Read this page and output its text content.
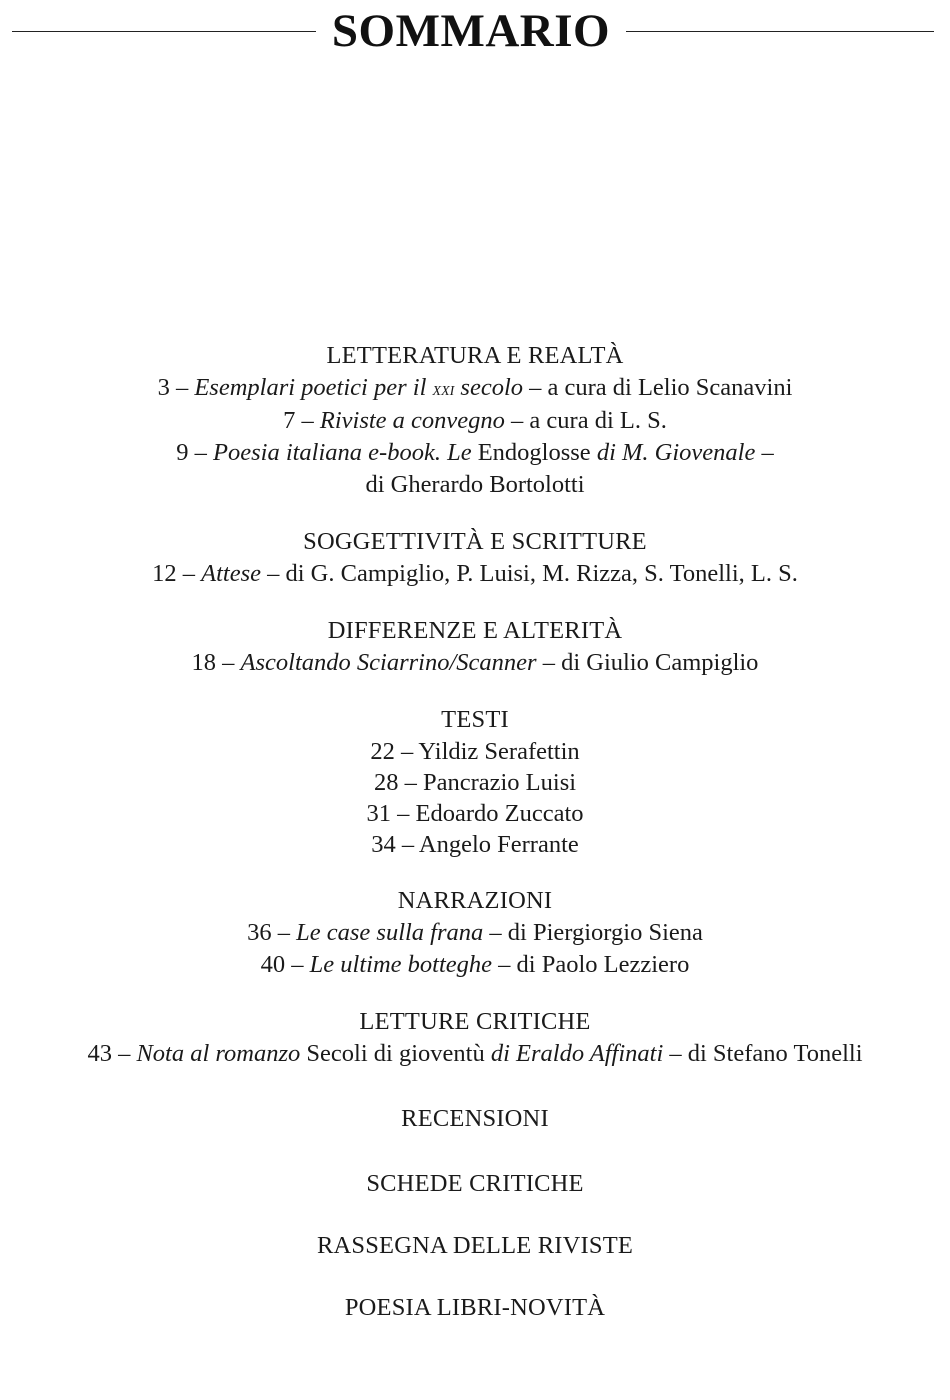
SOMMARIO

LETTERATURA E REALTÀ

3 – Esemplari poetici per il xxi secolo – a cura di Lelio Scanavini

7 – Riviste a convegno – a cura di L. S.

9 – Poesia italiana e-book. Le Endoglosse di M. Giovenale –

di Gherardo Bortolotti

SOGGETTIVITÀ E SCRITTURE

12 – Attese – di G. Campiglio, P. Luisi, M. Rizza, S. Tonelli, L. S.

DIFFERENZE E ALTERITÀ

18 – Ascoltando Sciarrino/Scanner – di Giulio Campiglio

TESTI

22 – Yildiz Serafettin

28 – Pancrazio Luisi

31 – Edoardo Zuccato

34 – Angelo Ferrante

NARRAZIONI

36 – Le case sulla frana – di Piergiorgio Siena

40 – Le ultime botteghe – di Paolo Lezziero

LETTURE CRITICHE

43 – Nota al romanzo Secoli di gioventù di Eraldo Affinati – di Stefano Tonelli

RECENSIONI

SCHEDE CRITICHE

RASSEGNA DELLE RIVISTE

POESIA LIBRI-NOVITÀ
